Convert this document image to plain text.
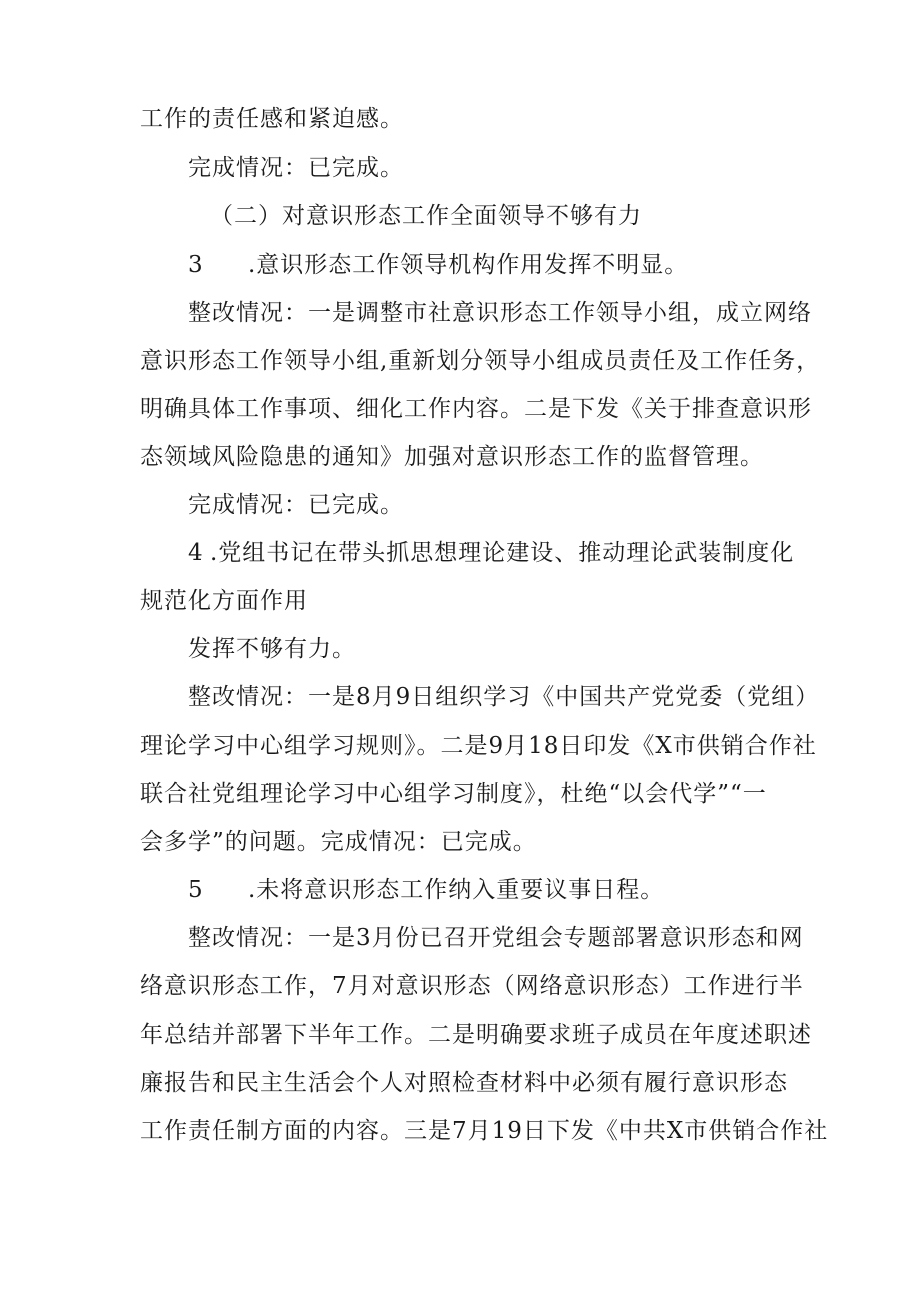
工作的责任感和紧迫感。
完成情况：已完成。
（二）对意识形态工作全面领导不够有力
3 .意识形态工作领导机构作用发挥不明显。
整改情况：一是调整市社意识形态工作领导小组，成立网络
意识形态工作领导小组,重新划分领导小组成员责任及工作任务，
明确具体工作事项、细化工作内容。二是下发《关于排查意识形
态领域风险隐患的通知》加强对意识形态工作的监督管理。
完成情况：已完成。
4 .党组书记在带头抓思想理论建设、推动理论武装制度化
规范化方面作用
发挥不够有力。
整改情况：一是8月9日组织学习《中国共产党党委（党组）
理论学习中心组学习规则》。二是9月18日印发《X市供销合作社
联合社党组理论学习中心组学习制度》，杜绝“以会代学”“一
会多学”的问题。完成情况：已完成。
5 .未将意识形态工作纳入重要议事日程。
整改情况：一是3月份已召开党组会专题部署意识形态和网
络意识形态工作，7月对意识形态（网络意识形态）工作进行半
年总结并部署下半年工作。二是明确要求班子成员在年度述职述
廉报告和民主生活会个人对照检查材料中必须有履行意识形态
工作责任制方面的内容。三是7月19日下发《中共X市供销合作社
